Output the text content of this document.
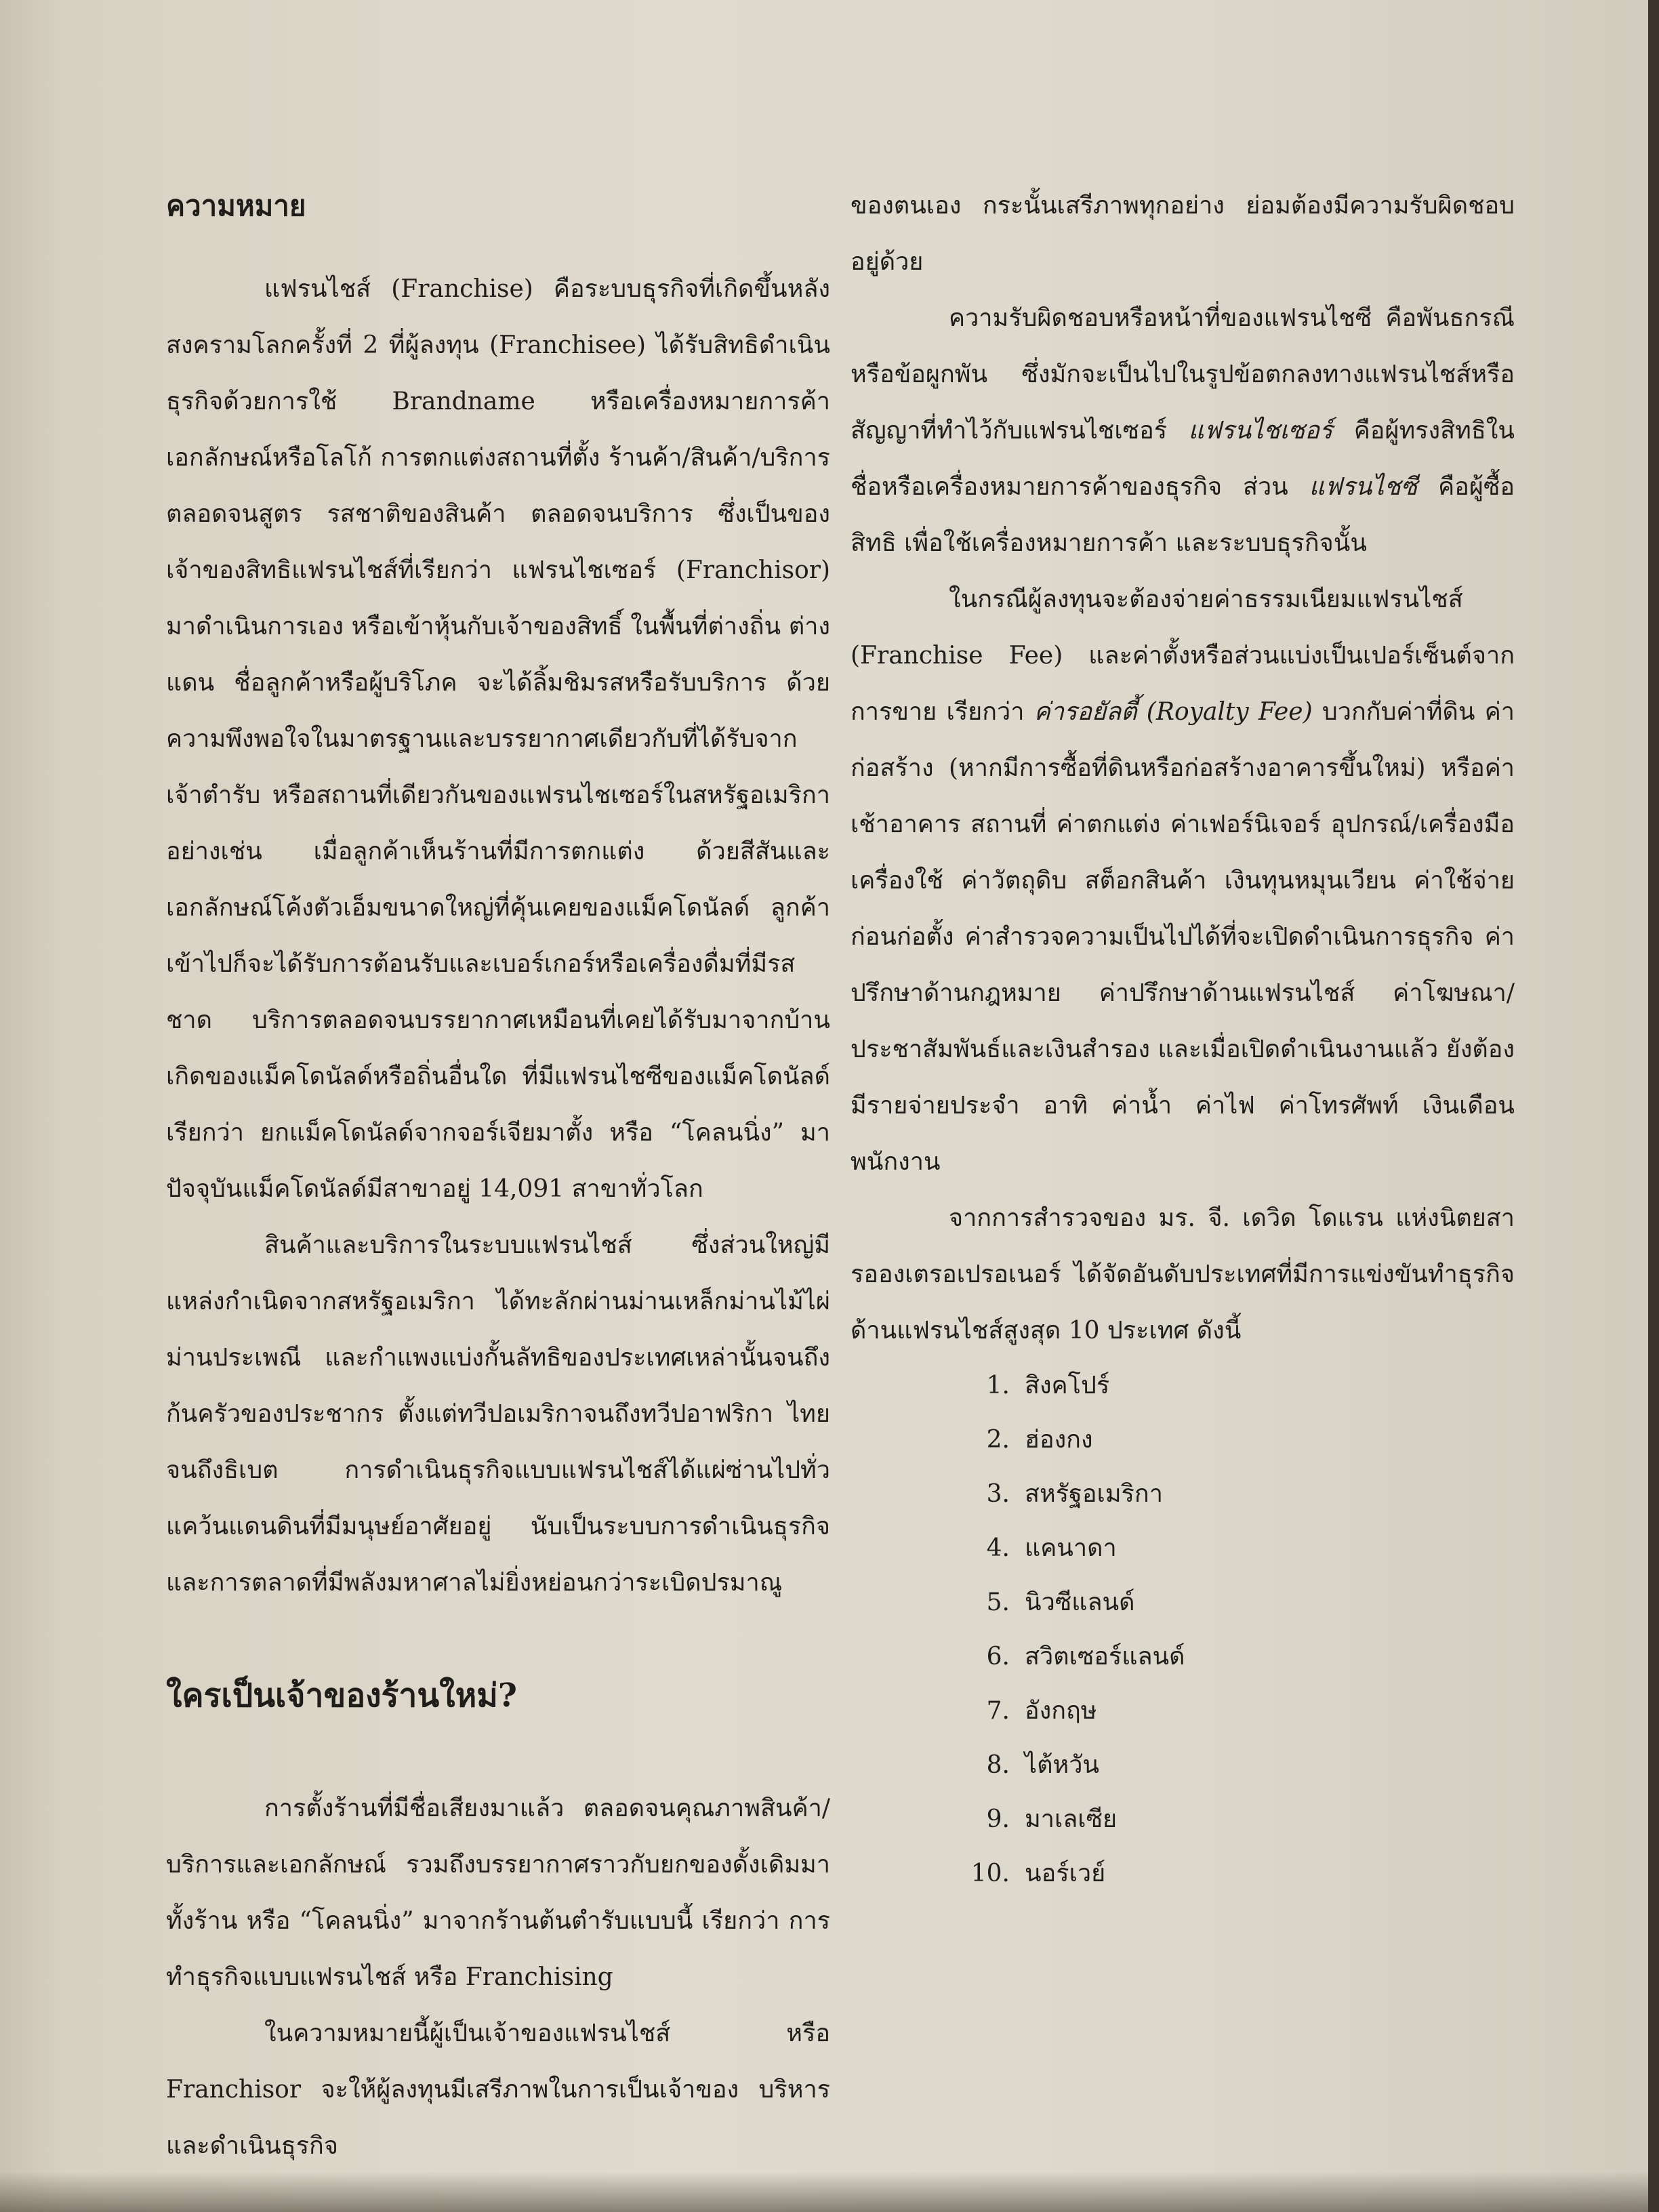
ความหมาย

แฟรนไชส์ (Franchise) คือระบบธุรกิจที่เกิดขึ้นหลังสงครามโลกครั้งที่ 2 ที่ผู้ลงทุน (Franchisee) ได้รับสิทธิดำเนินธุรกิจด้วยการใช้ Brandname หรือเครื่องหมายการค้าเอกลักษณ์หรือโลโก้ การตกแต่งสถานที่ตั้ง ร้านค้า/สินค้า/บริการ ตลอดจนสูตร รสชาติของสินค้า ตลอดจนบริการ ซึ่งเป็นของเจ้าของสิทธิแฟรนไชส์ที่เรียกว่า แฟรนไชเซอร์ (Franchisor) มาดำเนินการเอง หรือเข้าหุ้นกับเจ้าของสิทธิ์ ในพื้นที่ต่างถิ่น ต่างแดน ชื่อลูกค้าหรือผู้บริโภค จะได้ลิ้มชิมรสหรือรับบริการ ด้วยความพึงพอใจในมาตรฐานและบรรยากาศเดียวกับที่ได้รับจากเจ้าตำรับ หรือสถานที่เดียวกันของแฟรนไชเซอร์ในสหรัฐอเมริกา อย่างเช่น เมื่อลูกค้าเห็นร้านที่มีการตกแต่ง ด้วยสีสันและเอกลักษณ์โค้งตัวเอ็มขนาดใหญ่ที่คุ้นเคยของแม็คโดนัลด์ ลูกค้าเข้าไปก็จะได้รับการต้อนรับและเบอร์เกอร์หรือเครื่องดื่มที่มีรสชาด บริการตลอดจนบรรยากาศเหมือนที่เคยได้รับมาจากบ้านเกิดของแม็คโดนัลด์หรือถิ่นอื่นใด ที่มีแฟรนไชซีของแม็คโดนัลด์ เรียกว่า ยกแม็คโดนัลด์จากจอร์เจียมาตั้ง หรือ “โคลนนิ่ง” มาปัจจุบันแม็คโดนัลด์มีสาขาอยู่ 14,091 สาขาทั่วโลก

สินค้าและบริการในระบบแฟรนไชส์ ซึ่งส่วนใหญ่มีแหล่งกำเนิดจากสหรัฐอเมริกา ได้ทะลักผ่านม่านเหล็กม่านไม้ไผ่ ม่านประเพณี และกำแพงแบ่งกั้นลัทธิของประเทศเหล่านั้นจนถึงก้นครัวของประชากร ตั้งแต่ทวีปอเมริกาจนถึงทวีปอาฟริกา ไทยจนถึงธิเบต การดำเนินธุรกิจแบบแฟรนไชส์ได้แผ่ซ่านไปทั่วแคว้นแดนดินที่มีมนุษย์อาศัยอยู่ นับเป็นระบบการดำเนินธุรกิจ และการตลาดที่มีพลังมหาศาลไม่ยิ่งหย่อนกว่าระเบิดปรมาณู

ใครเป็นเจ้าของร้านใหม่?

การตั้งร้านที่มีชื่อเสียงมาแล้ว ตลอดจนคุณภาพสินค้า/บริการและเอกลักษณ์ รวมถึงบรรยากาศราวกับยกของดั้งเดิมมาทั้งร้าน หรือ “โคลนนิ่ง” มาจากร้านต้นตำรับแบบนี้ เรียกว่า การทำธุรกิจแบบแฟรนไชส์ หรือ Franchising

ในความหมายนี้ผู้เป็นเจ้าของแฟรนไชส์ หรือ Franchisor จะให้ผู้ลงทุนมีเสรีภาพในการเป็นเจ้าของ บริหารและดำเนินธุรกิจ

ของตนเอง กระนั้นเสรีภาพทุกอย่าง ย่อมต้องมีความรับผิดชอบอยู่ด้วย

ความรับผิดชอบหรือหน้าที่ของแฟรนไชซี คือพันธกรณีหรือข้อผูกพัน ซึ่งมักจะเป็นไปในรูปข้อตกลงทางแฟรนไชส์หรือสัญญาที่ทำไว้กับแฟรนไชเซอร์ แฟรนไชเซอร์ คือผู้ทรงสิทธิในชื่อหรือเครื่องหมายการค้าของธุรกิจ ส่วน แฟรนไชซี คือผู้ซื้อสิทธิ เพื่อใช้เครื่องหมายการค้า และระบบธุรกิจนั้น

ในกรณีผู้ลงทุนจะต้องจ่ายค่าธรรมเนียมแฟรนไชส์ (Franchise Fee) และค่าตั้งหรือส่วนแบ่งเป็นเปอร์เซ็นต์จากการขาย เรียกว่า ค่ารอยัลตี้ (Royalty Fee) บวกกับค่าที่ดิน ค่าก่อสร้าง (หากมีการซื้อที่ดินหรือก่อสร้างอาคารขึ้นใหม่) หรือค่าเช้าอาคาร สถานที่ ค่าตกแต่ง ค่าเฟอร์นิเจอร์ อุปกรณ์/เครื่องมือ เครื่องใช้ ค่าวัตถุดิบ สต็อกสินค้า เงินทุนหมุนเวียน ค่าใช้จ่ายก่อนก่อตั้ง ค่าสำรวจความเป็นไปได้ที่จะเปิดดำเนินการธุรกิจ ค่าปรึกษาด้านกฎหมาย ค่าปรึกษาด้านแฟรนไชส์ ค่าโฆษณา/ประชาสัมพันธ์และเงินสำรอง และเมื่อเปิดดำเนินงานแล้ว ยังต้องมีรายจ่ายประจำ อาทิ ค่าน้ำ ค่าไฟ ค่าโทรศัพท์ เงินเดือนพนักงาน

จากการสำรวจของ มร. จี. เดวิด โดแรน แห่งนิตยสารอองเตรอเปรอเนอร์ ได้จัดอันดับประเทศที่มีการแข่งขันทำธุรกิจด้านแฟรนไชส์สูงสุด 10 ประเทศ ดังนี้

1. สิงคโปร์
2. ฮ่องกง
3. สหรัฐอเมริกา
4. แคนาดา
5. นิวซีแลนด์
6. สวิตเซอร์แลนด์
7. อังกฤษ
8. ไต้หวัน
9. มาเลเซีย
10. นอร์เวย์
